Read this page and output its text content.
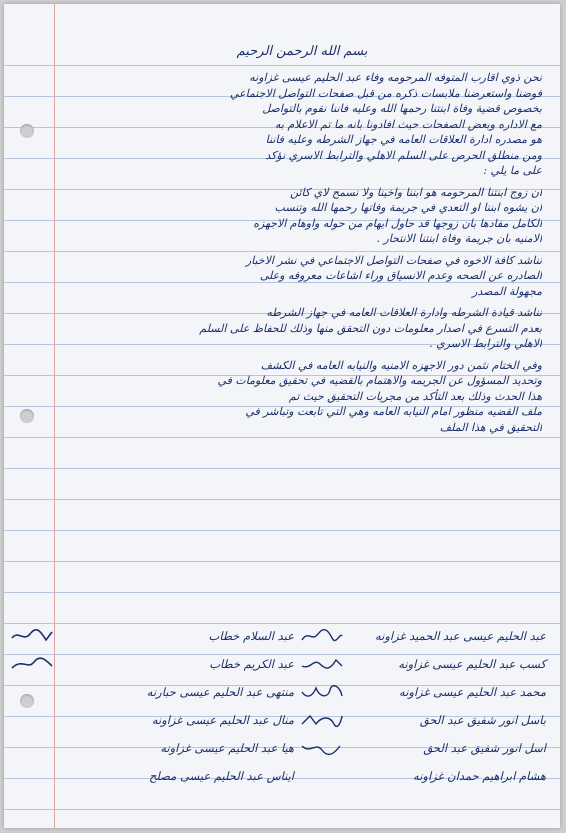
بسم الله الرحمن الرحيم
نحن ذوي اقارب المتوفه المرحومه وفاء عبد الحليم عيسى غزاونه
فوضنا واستعرضنا ملابسات ذكره من قبل صفحات التواصل الاجتماعي
بخصوص قضية وفاة ابنتنا رحمها الله وعليه فاننا نقوم بالتواصل
مع الاداره وبعض الصفحات حيث افادونا بانه ما تم الاعلام به
هو مصدره ادارة العلاقات العامه في جهاز الشرطه وعليه فاننا
ومن منطلق الحرص على السلم الاهلي والترابط الاسري نؤكد
على ما يلي :
ان زوج ابنتنا المرحومه هو ابننا واخينا ولا نسمح لاي كائن
ان يشوه ابننا او التعدي في جريمة وفاتها رحمها الله وتنسب
الكامل مفادها بان زوجها قد حاول ايهام من حوله واوهام الاجهزه
الامنيه بان جريمة وفاة ابنتنا الانتحار .
نناشد كافة الاخوه في صفحات التواصل الاجتماعي في نشر الاخبار
الصادره عن الصحه وعدم الانسياق وراء اشاعات معروفه وعلى
مجهولة المصدر
نناشد قيادة الشرطه وادارة العلاقات العامه في جهاز الشرطه
بعدم التسرع في اصدار معلومات دون التحقق منها وذلك للحفاظ على السلم
الاهلي والترابط الاسري .
وفي الختام نثمن دور الاجهزه الامنيه والنيابه العامه في الكشف
وتحديد المسؤول عن الجريمه والاهتمام بالقضيه في تحقيق معلومات في
هذا الحدث وذلك بعد التأكد من مجريات التحقيق حيث تم
ملف القضيه منظور امام النيابه العامه وهي التي تابعت وتباشر في
التحقيق في هذا الملف
عبد الحليم عيسى عبد الحميد غزاونه
كسب عبد الحليم عيسى غزاونه
محمد عبد الحليم عيسى غزاونه
باسل انور شفيق عبد الحق
اسل انور شفيق عبد الحق
هشام ابراهيم حمدان غزاونه
عبد السلام خطاب
عبد الكريم خطاب
منتهى عبد الحليم عيسى حبارنه
منال عبد الحليم عيسى غزاونه
هيا عبد الحليم عيسى غزاونه
ايناس عبد الحليم عيسى مصلح
